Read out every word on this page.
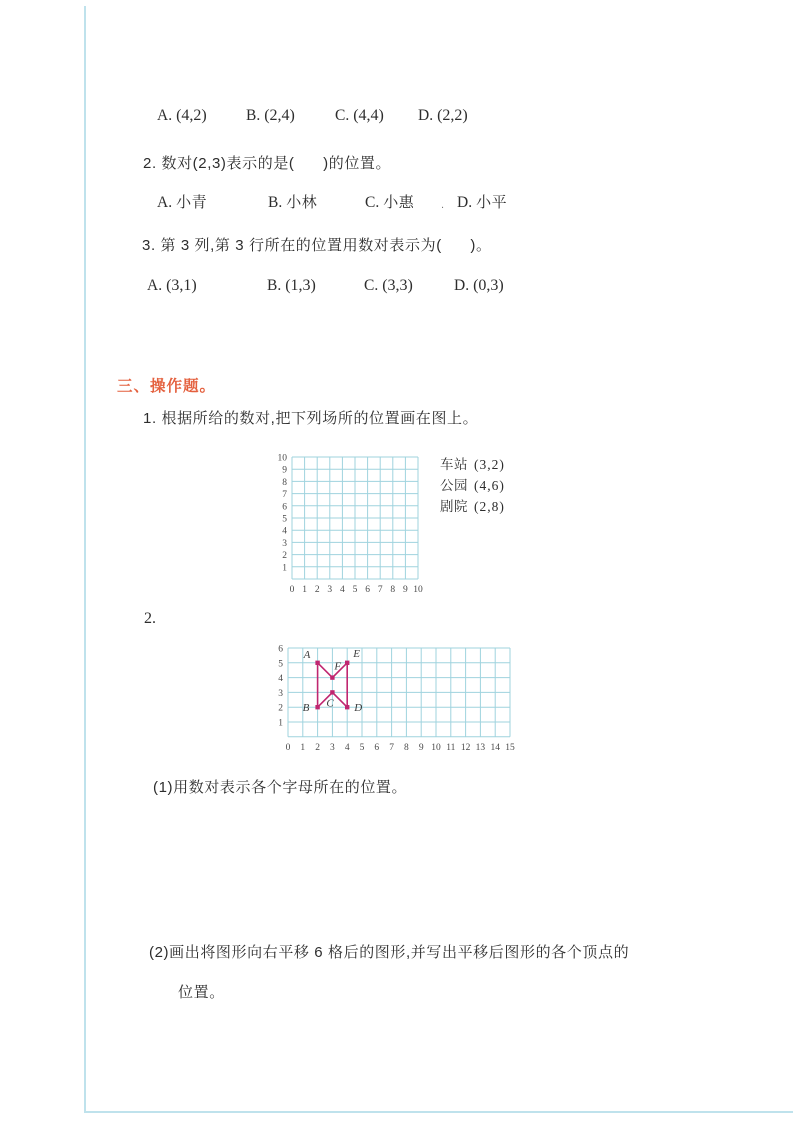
A. (4,2)	B. (2,4)	C. (4,4) D. (2,2)
2. 数对(2,3)表示的是(      )的位置。
A. 小青	B. 小林	C. 小惠 . D. 小平
3. 第 3 列,第 3 行所在的位置用数对表示为(      )。
A. (3,1)	B. (1,3)	C. (3,3)	D. (0,3)
三、操作题。
1. 根据所给的数对,把下列场所的位置画在图上。
10
9
8
7
6
5
4
3
2
1
0 1 2 3 4 5 6 7 8 9 10
车站 (3,2)
公园 (4,6)
剧院 (2,8)
2.
6
5
4
3
2
1
0 1 2 3 4 5 6 7 8 9 10 11 12 13 14 15
A
F
E
D
C
B
(1)用数对表示各个字母所在的位置。
(2)画出将图形向右平移 6 格后的图形,并写出平移后图形的各个顶点的
位置。
